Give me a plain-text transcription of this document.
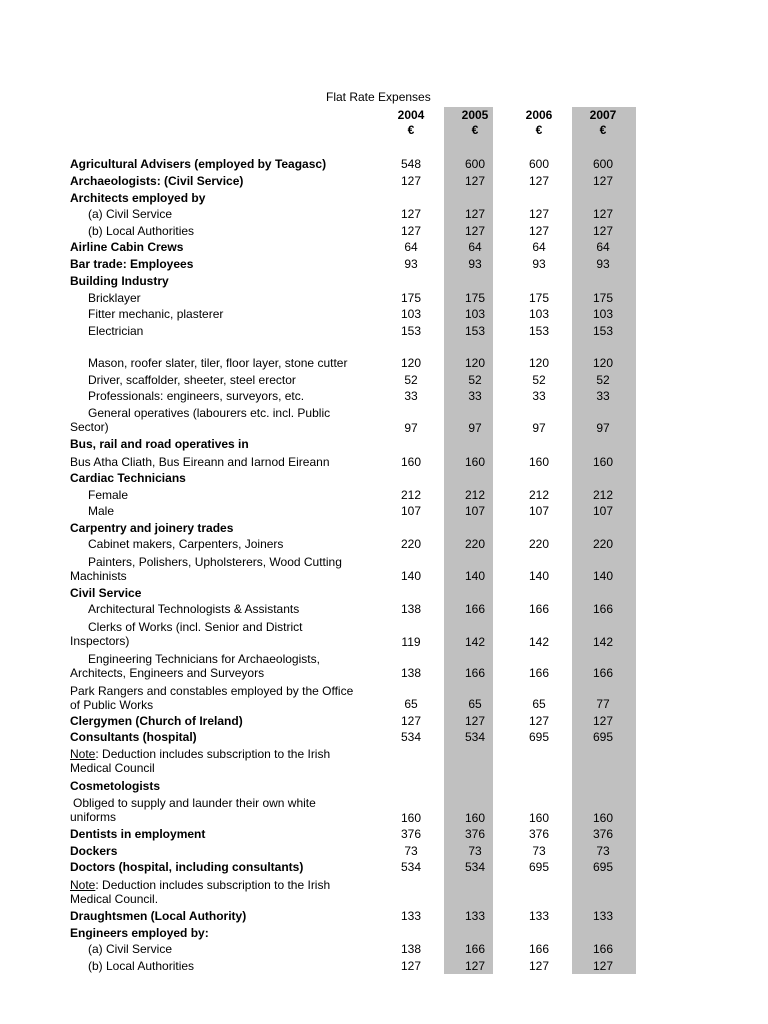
Flat Rate Expenses
2004	2005	2006	2007
€	€	€	€
Agricultural Advisers (employed by Teagasc)	548	600	600	600
Archaeologists: (Civil Service)	127	127	127	127
Architects employed by
(a) Civil Service	127	127	127	127
(b) Local Authorities	127	127	127	127
Airline Cabin Crews	64	64	64	64
Bar trade: Employees	93	93	93	93
Building Industry
Bricklayer	175	175	175	175
Fitter mechanic, plasterer	103	103	103	103
Electrician	153	153	153	153
Mason, roofer slater, tiler, floor layer, stone cutter	120	120	120	120
Driver, scaffolder, sheeter, steel erector	52	52	52	52
Professionals: engineers, surveyors, etc.	33	33	33	33
General operatives (labourers etc. incl. Public
Sector)	97	97	97	97
Bus, rail and road operatives in
Bus Atha Cliath, Bus Eireann and Iarnod Eireann	160	160	160	160
Cardiac Technicians
Female	212	212	212	212
Male	107	107	107	107
Carpentry and joinery trades
Cabinet makers, Carpenters, Joiners	220	220	220	220
Painters, Polishers, Upholsterers, Wood Cutting
Machinists	140	140	140	140
Civil Service
Architectural Technologists & Assistants	138	166	166	166
Clerks of Works (incl. Senior and District
Inspectors)	119	142	142	142
Engineering Technicians for Archaeologists,
Architects, Engineers and Surveyors	138	166	166	166
Park Rangers and constables employed by the Office
of Public Works	65	65	65	77
Clergymen (Church of Ireland)	127	127	127	127
Consultants (hospital)	534	534	695	695
Note: Deduction includes subscription to the Irish
Medical Council
Cosmetologists
Obliged to supply and launder their own white
uniforms	160	160	160	160
Dentists in employment	376	376	376	376
Dockers	73	73	73	73
Doctors (hospital, including consultants)	534	534	695	695
Note: Deduction includes subscription to the Irish
Medical Council.
Draughtsmen (Local Authority)	133	133	133	133
Engineers employed by:
(a) Civil Service	138	166	166	166
(b) Local Authorities	127	127	127	127
